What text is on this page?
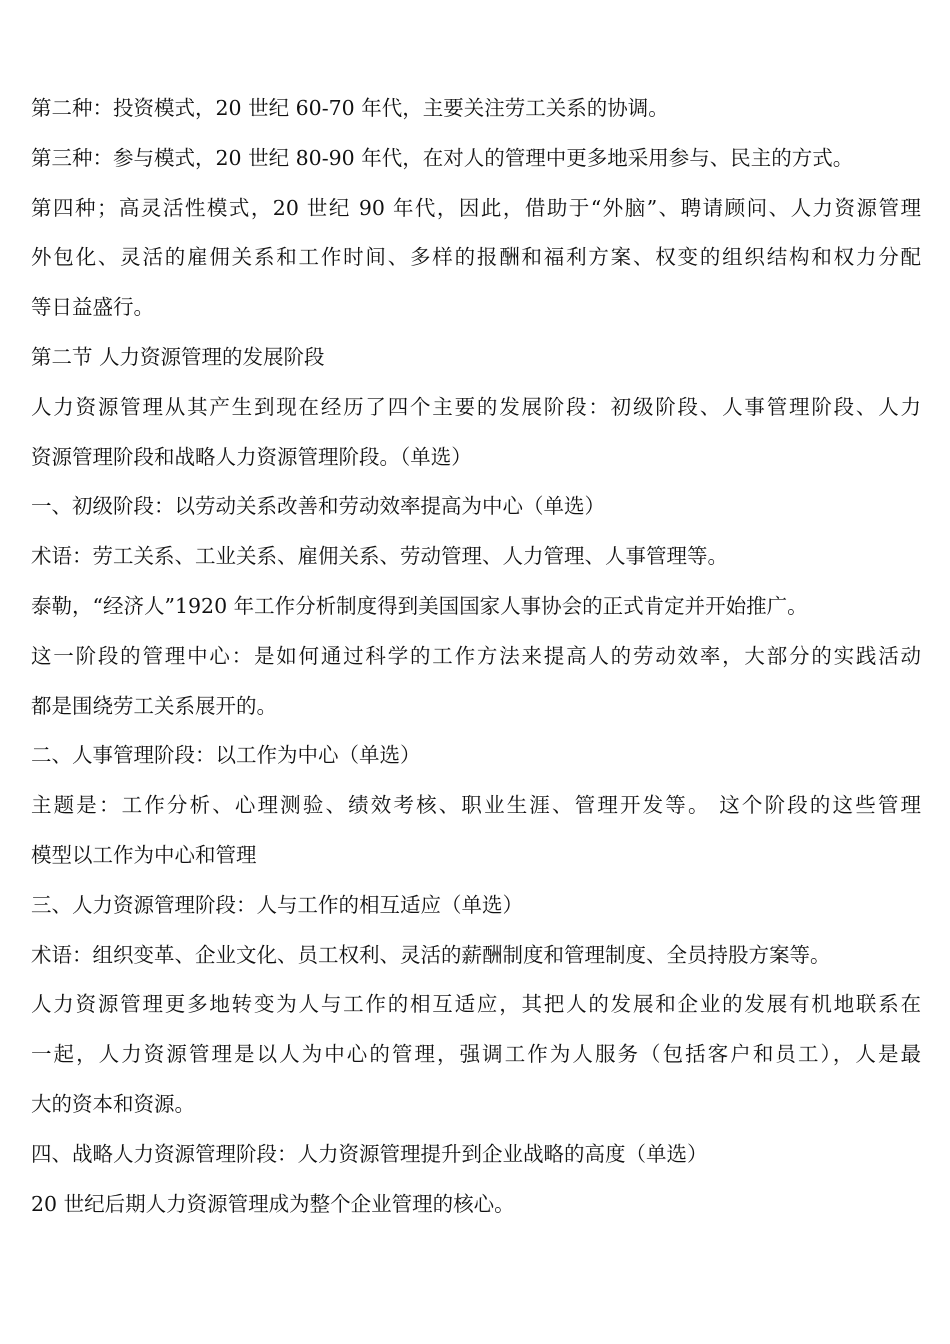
第二种：投资模式，20 世纪 60-70 年代，主要关注劳工关系的协调。
第三种：参与模式，20 世纪 80-90 年代，在对人的管理中更多地采用参与、民主的方式。
第四种；高灵活性模式，20 世纪 90 年代，因此，借助于“外脑”、聘请顾问、人力资源管理
外包化、灵活的雇佣关系和工作时间、多样的报酬和福利方案、权变的组织结构和权力分配
等日益盛行。
第二节 人力资源管理的发展阶段
人力资源管理从其产生到现在经历了四个主要的发展阶段：初级阶段、人事管理阶段、人力
资源管理阶段和战略人力资源管理阶段。（单选）
一、初级阶段：以劳动关系改善和劳动效率提高为中心（单选）
术语：劳工关系、工业关系、雇佣关系、劳动管理、人力管理、人事管理等。
泰勒，“经济人”1920 年工作分析制度得到美国国家人事协会的正式肯定并开始推广。
这一阶段的管理中心：是如何通过科学的工作方法来提高人的劳动效率，大部分的实践活动
都是围绕劳工关系展开的。
二、人事管理阶段：以工作为中心（单选）
主题是：工作分析、心理测验、绩效考核、职业生涯、管理开发等。 这个阶段的这些管理
模型以工作为中心和管理
三、人力资源管理阶段：人与工作的相互适应（单选）
术语：组织变革、企业文化、员工权利、灵活的薪酬制度和管理制度、全员持股方案等。
人力资源管理更多地转变为人与工作的相互适应，其把人的发展和企业的发展有机地联系在
一起，人力资源管理是以人为中心的管理，强调工作为人服务（包括客户和员工），人是最
大的资本和资源。
四、战略人力资源管理阶段：人力资源管理提升到企业战略的高度（单选）
20 世纪后期人力资源管理成为整个企业管理的核心。
